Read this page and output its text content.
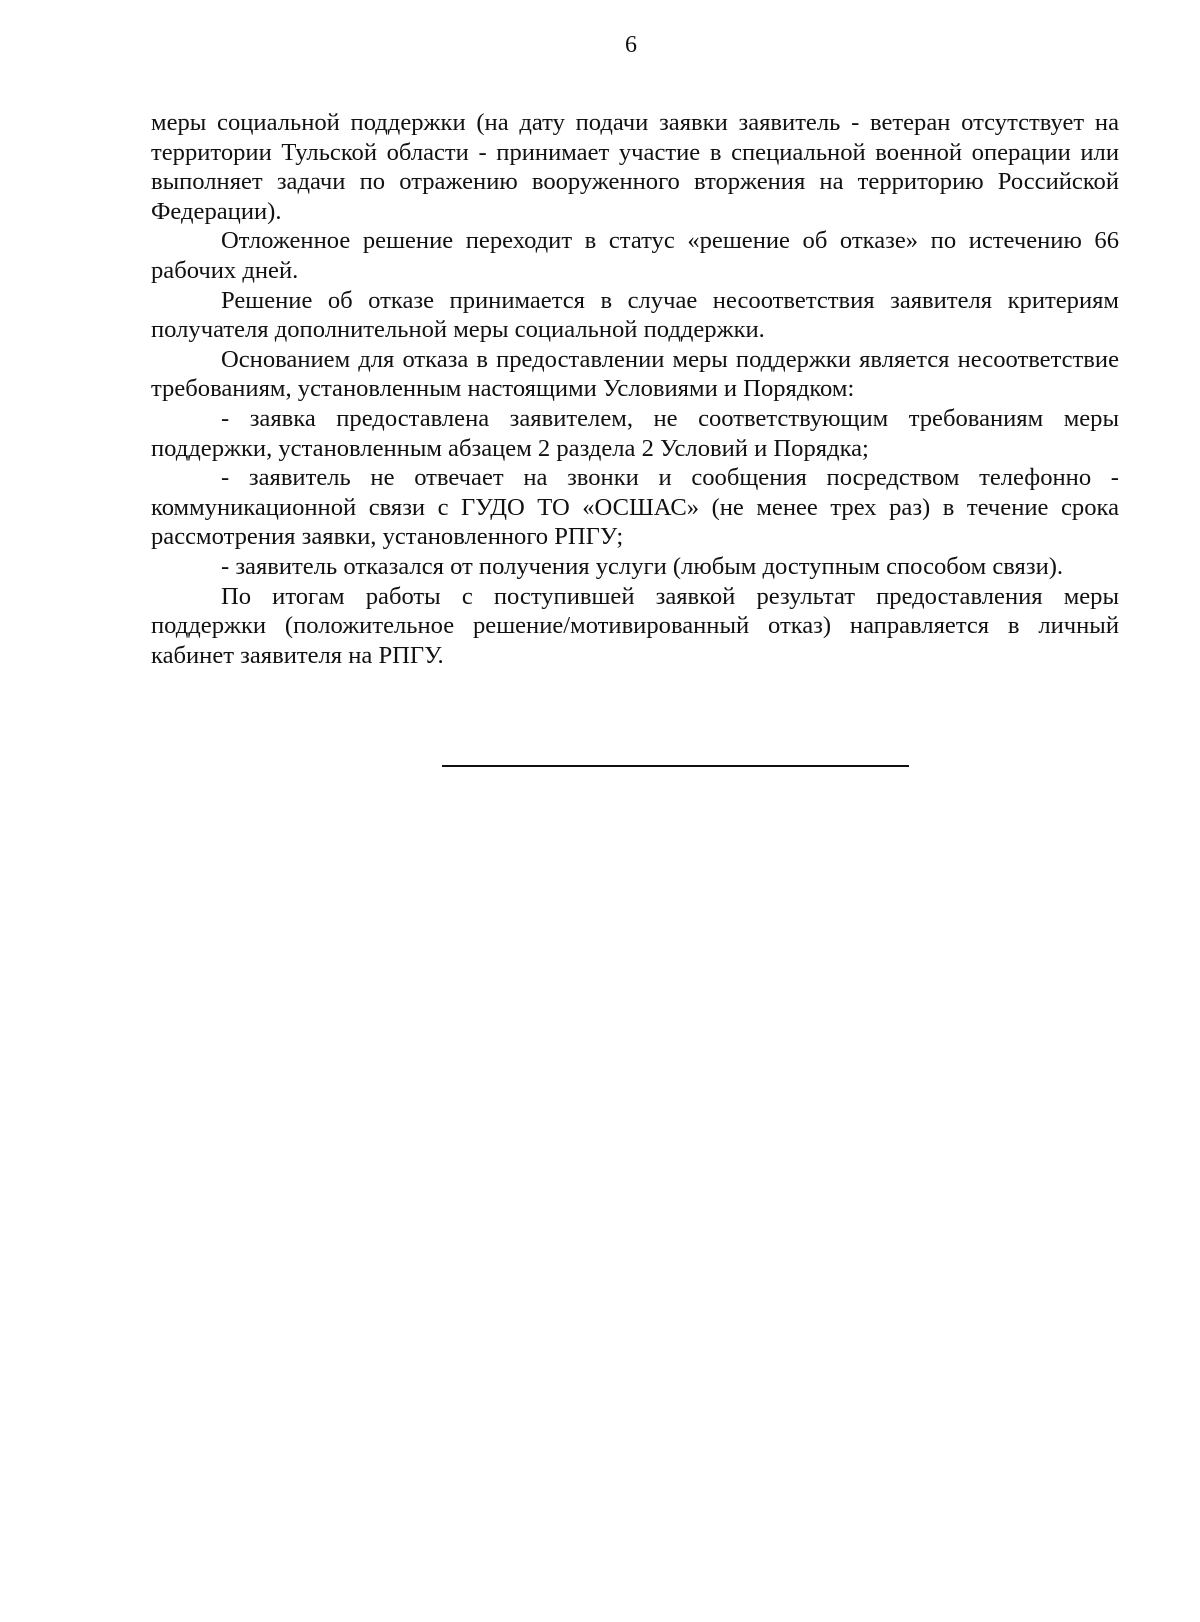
6

меры социальной поддержки (на дату подачи заявки заявитель - ветеран отсутствует на территории Тульской области - принимает участие в специальной военной операции или выполняет задачи по отражению вооруженного вторжения на территорию Российской Федерации).

Отложенное решение переходит в статус «решение об отказе» по истечению 66 рабочих дней.

Решение об отказе принимается в случае несоответствия заявителя критериям получателя дополнительной меры социальной поддержки.

Основанием для отказа в предоставлении меры поддержки является несоответствие требованиям, установленным настоящими Условиями и Порядком:

- заявка предоставлена заявителем, не соответствующим требованиям меры поддержки, установленным абзацем 2 раздела 2 Условий и Порядка;

- заявитель не отвечает на звонки и сообщения посредством телефонно - коммуникационной связи с ГУДО ТО «ОСШАС» (не менее трех раз) в течение срока рассмотрения заявки, установленного РПГУ;

- заявитель отказался от получения услуги (любым доступным способом связи).

По итогам работы с поступившей заявкой результат предоставления меры поддержки (положительное решение/мотивированный отказ) направляется в личный кабинет заявителя на РПГУ.
